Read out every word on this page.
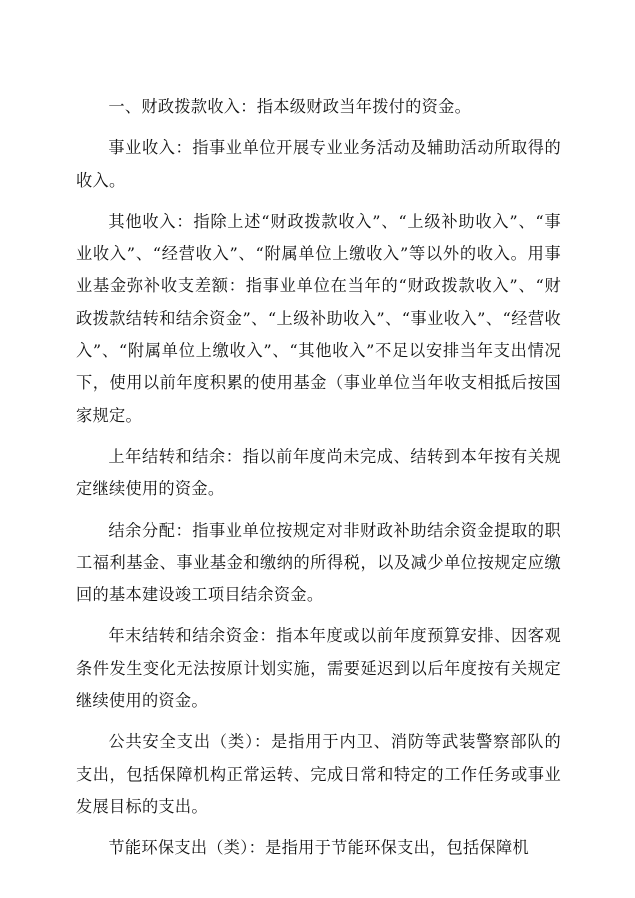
一、财政拨款收入：指本级财政当年拨付的资金。

事业收入：指事业单位开展专业业务活动及辅助活动所取得的收入。

其他收入：指除上述“财政拨款收入”、“上级补助收入”、“事业收入”、“经营收入”、“附属单位上缴收入”等以外的收入。用事业基金弥补收支差额：指事业单位在当年的“财政拨款收入”、“财政拨款结转和结余资金”、“上级补助收入”、“事业收入”、“经营收入”、“附属单位上缴收入”、“其他收入”不足以安排当年支出情况下，使用以前年度积累的使用基金（事业单位当年收支相抵后按国家规定。

上年结转和结余：指以前年度尚未完成、结转到本年按有关规定继续使用的资金。

结余分配：指事业单位按规定对非财政补助结余资金提取的职工福利基金、事业基金和缴纳的所得税，以及减少单位按规定应缴回的基本建设竣工项目结余资金。

年末结转和结余资金：指本年度或以前年度预算安排、因客观条件发生变化无法按原计划实施，需要延迟到以后年度按有关规定继续使用的资金。

公共安全支出（类）：是指用于内卫、消防等武装警察部队的支出，包括保障机构正常运转、完成日常和特定的工作任务或事业发展目标的支出。

节能环保支出（类）：是指用于节能环保支出，包括保障机
